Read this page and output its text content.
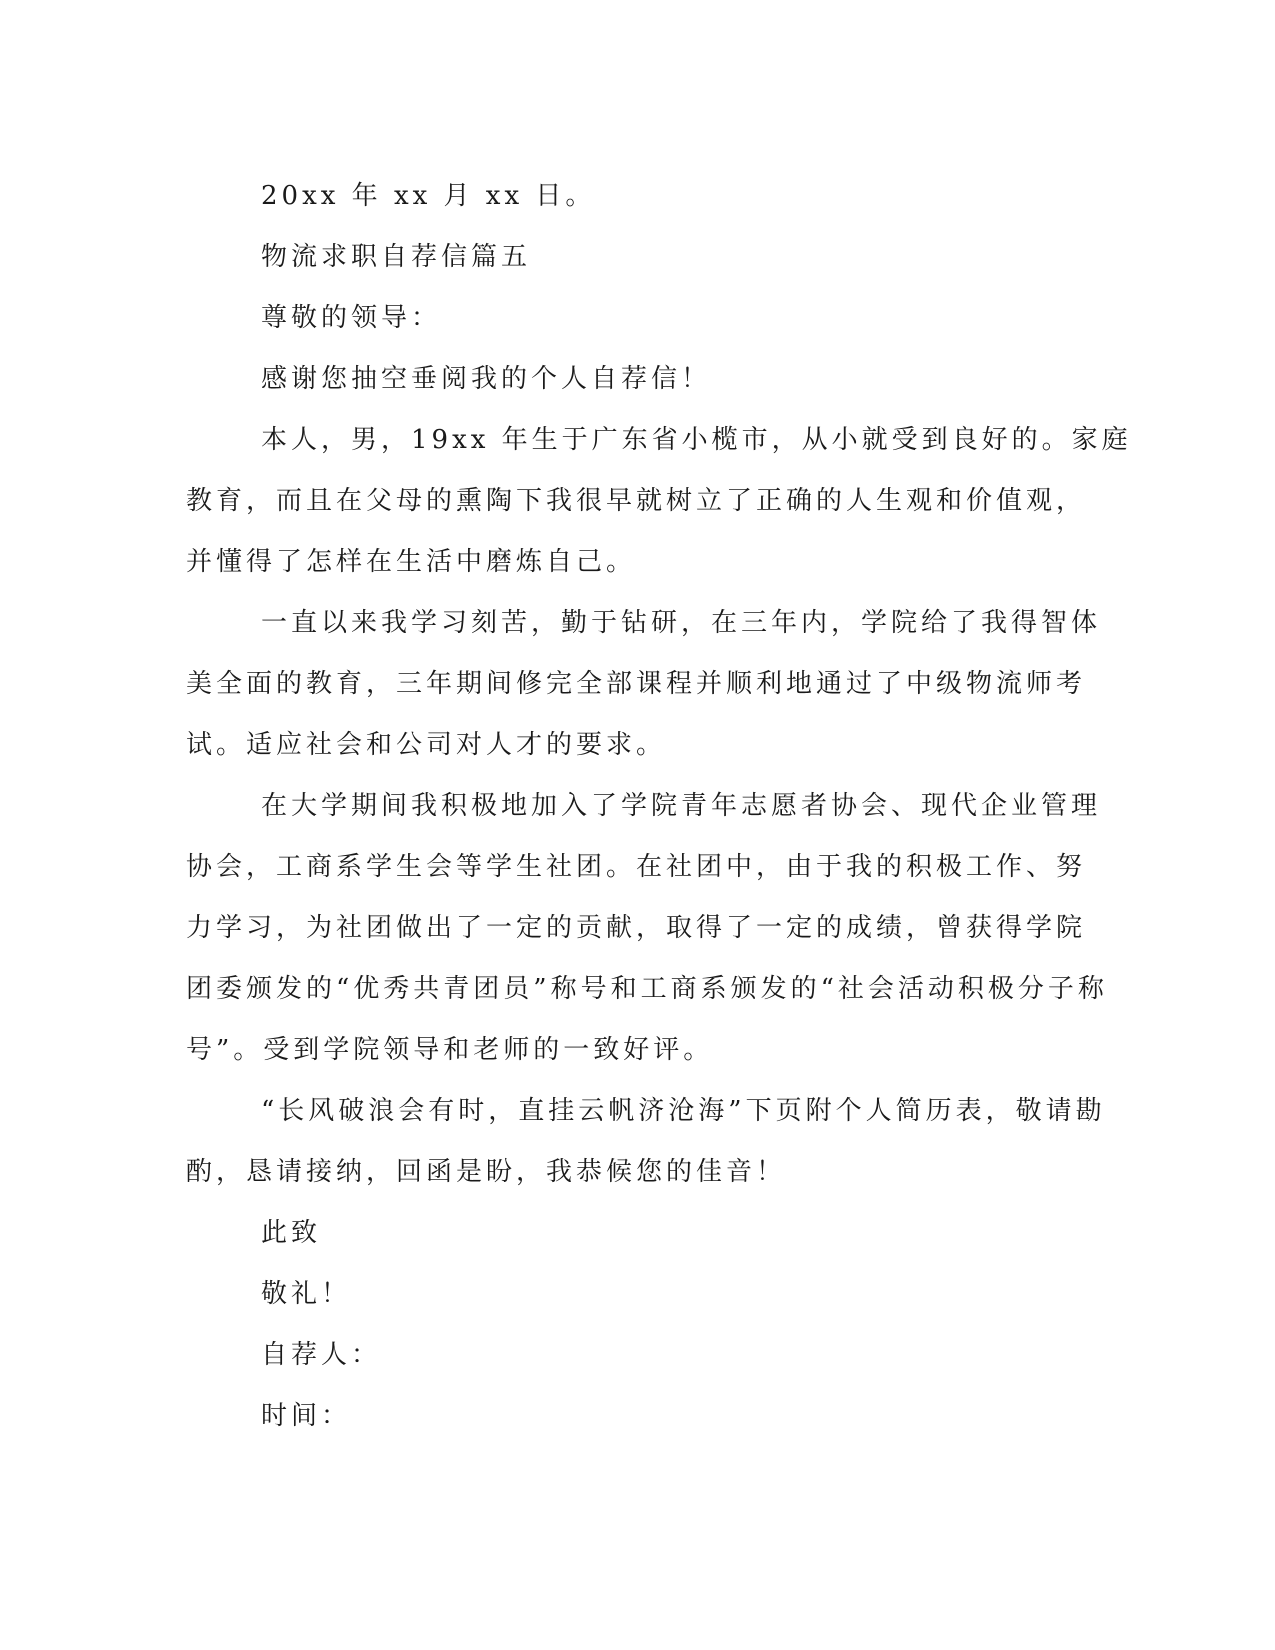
20xx 年 xx 月 xx 日。
物流求职自荐信篇五
尊敬的领导：
感谢您抽空垂阅我的个人自荐信！
本人，男，19xx 年生于广东省小榄市，从小就受到良好的。家庭
教育，而且在父母的熏陶下我很早就树立了正确的人生观和价值观，
并懂得了怎样在生活中磨炼自己。
一直以来我学习刻苦，勤于钻研，在三年内，学院给了我得智体
美全面的教育，三年期间修完全部课程并顺利地通过了中级物流师考
试。适应社会和公司对人才的要求。
在大学期间我积极地加入了学院青年志愿者协会、现代企业管理
协会，工商系学生会等学生社团。在社团中，由于我的积极工作、努
力学习，为社团做出了一定的贡献，取得了一定的成绩，曾获得学院
团委颁发的“优秀共青团员”称号和工商系颁发的“社会活动积极分子称
号”。受到学院领导和老师的一致好评。
“长风破浪会有时，直挂云帆济沧海”下页附个人简历表，敬请勘
酌，恳请接纳，回函是盼，我恭候您的佳音！
此致
敬礼！
自荐人：
时间：
